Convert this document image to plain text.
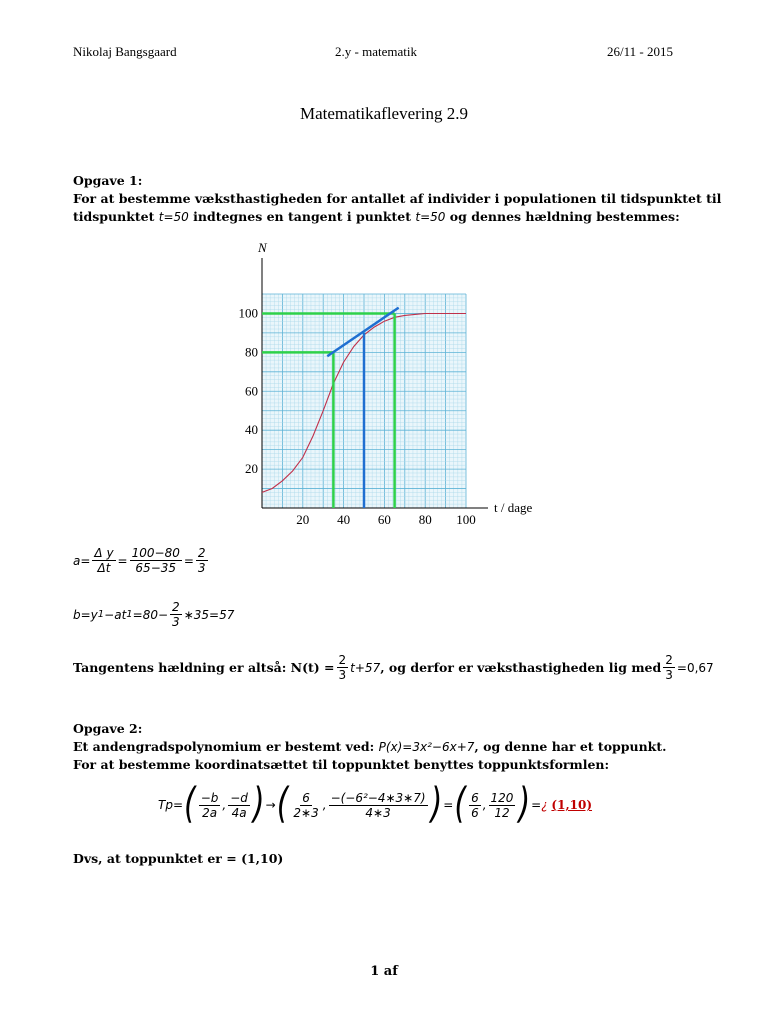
Nikolaj Bangsgaard	2.y - matematik	26/11 - 2015
Matematikaflevering 2.9
Opgave 1:
For at bestemme væksthastigheden for antallet af individer i populationen til tidspunktet til
tidspunktet t=50 indtegnes en tangent i punktet t=50 og dennes hældning bestemmes:
20 40 60 80 100
20
40
60
80
100
N
t / dage
$a= \frac{\text{Δ y}}{\Delta t} = \frac{100-80}{65-35} = \frac{2}{3}$
b=y 1 −at $1 =80- \frac{2}{3}$ ∗35=57
Tangentens hældning er altså: $N(t) = \frac{2}{3} t+57$ , og derfor er væksthastigheden lig med $\frac{2}{3} =0,67$
Opgave 2:
Et andengradspolynomium er bestemt ved: P(x)=3x²−6x+7, og denne har et toppunkt.
For at bestemme koordinatsættet til toppunktet benyttes toppunktsformlen:
Tp= ( $\frac{-b}{2a}$ , $\frac{-d}{4a}$ ) → ( $\frac{6}{2∗3}$ , $\frac{\text{−(−6²−4∗3∗7)}}{4∗3}$ ) = ( $\frac{6}{6}$ , $\frac{120}{12}$ ) = ¿
(1,10)
Dvs, at toppunktet er = (1,10)
1 af
